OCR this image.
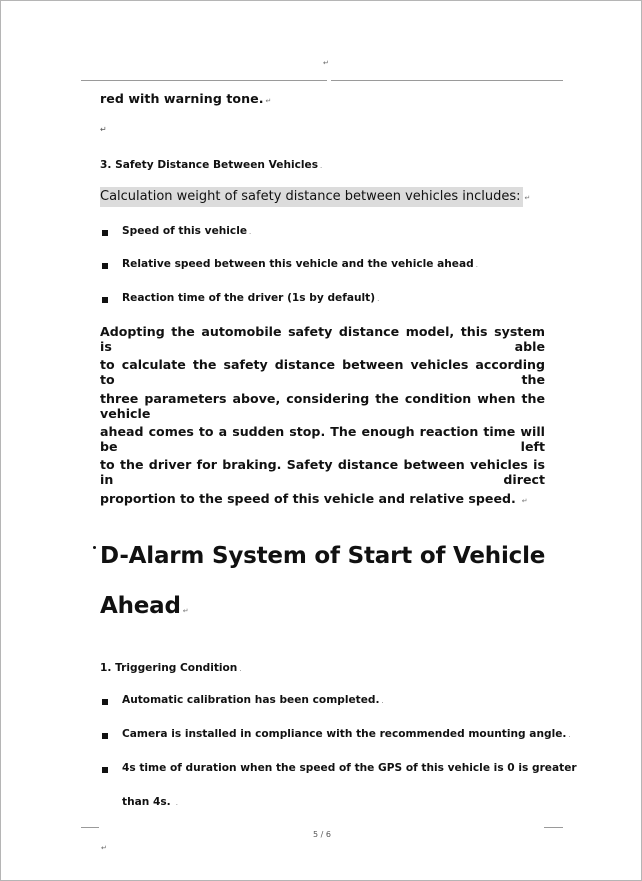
↵
red with warning tone. ↵
↵
3. Safety Distance Between Vehicles .
Calculation weight of safety distance between vehicles includes: ↵
Speed of this vehicle .
Relative speed between this vehicle and the vehicle ahead .
Reaction time of the driver (1s by default) .
Adopting the automobile safety distance model, this system is able
to calculate the safety distance between vehicles according to the
three parameters above, considering the condition when the vehicle
ahead comes to a sudden stop. The enough reaction time will be left
to the driver for braking. Safety distance between vehicles is in direct
proportion to the speed of this vehicle and relative speed. ↵
D-Alarm System of Start of Vehicle
Ahead ↵
1. Triggering Condition .
Automatic calibration has been completed. .
Camera is installed in compliance with the recommended mounting angle. .
4s time of duration when the speed of the GPS of this vehicle is 0 is greater
than 4s. .
5 / 6
↵
